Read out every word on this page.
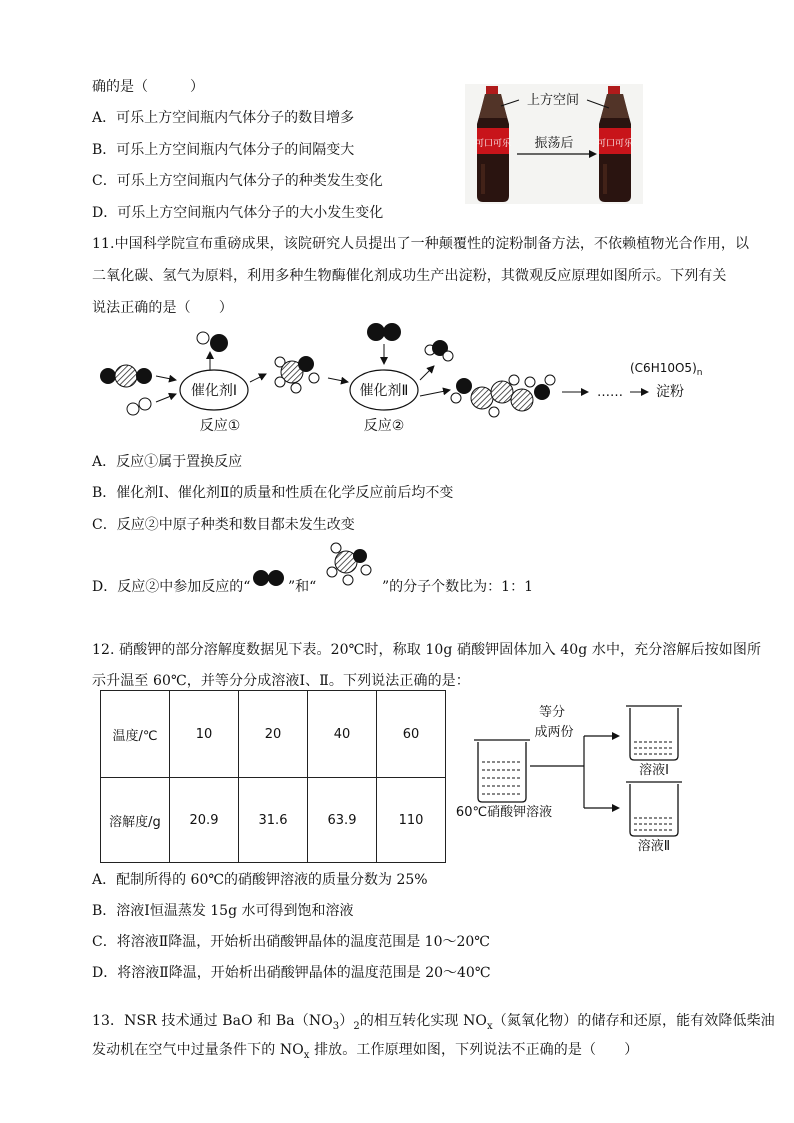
确的是（　　　）
A．可乐上方空间瓶内气体分子的数目增多
B．可乐上方空间瓶内气体分子的间隔变大
C．可乐上方空间瓶内气体分子的种类发生变化
D．可乐上方空间瓶内气体分子的大小发生变化
可口可乐	可口可乐
上方空间
振荡后
11.中国科学院宣布重磅成果，该院研究人员提出了一种颠覆性的淀粉制备方法，不依赖植物光合作用，以
二氧化碳、氢气为原料，利用多种生物酶催化剂成功生产出淀粉，其微观反应原理如图所示。下列有关
说法正确的是（　　）
催化剂Ⅰ
反应①
催化剂Ⅱ
反应②
……
$(C6H10O5)_n$
淀粉
A．反应①属于置换反应
B．催化剂Ⅰ、催化剂Ⅱ的质量和性质在化学反应前后均不变
C．反应②中原子种类和数目都未发生改变
D．反应②中参加反应的“	”和“	”的分子个数比为：1：1
12. 硝酸钾的部分溶解度数据见下表。20℃时，称取 10g 硝酸钾固体加入 40g 水中，充分溶解后按如图所
示升温至 60℃，并等分分成溶液Ⅰ、Ⅱ。下列说法正确的是：
温度/℃	10	20	40	60
溶解度/g	20.9	31.6	63.9	110	60℃硝酸钾溶液
等分
成两份
溶液Ⅰ
溶液Ⅱ
A．配制所得的 60℃的硝酸钾溶液的质量分数为 25%
B．溶液Ⅰ恒温蒸发 15g 水可得到饱和溶液
C．将溶液Ⅱ降温，开始析出硝酸钾晶体的温度范围是 10～20℃
D．将溶液Ⅱ降温，开始析出硝酸钾晶体的温度范围是 20～40℃
13．NSR 技术通过 BaO 和 $Ba(NO_3)_2$的相互转化实现 $NO_x$（氮氧化物）的储存和还原，能有效降低柴油
发动机在空气中过量条件下的 $NO_x$ 排放。工作原理如图，下列说法不正确的是（　　）
